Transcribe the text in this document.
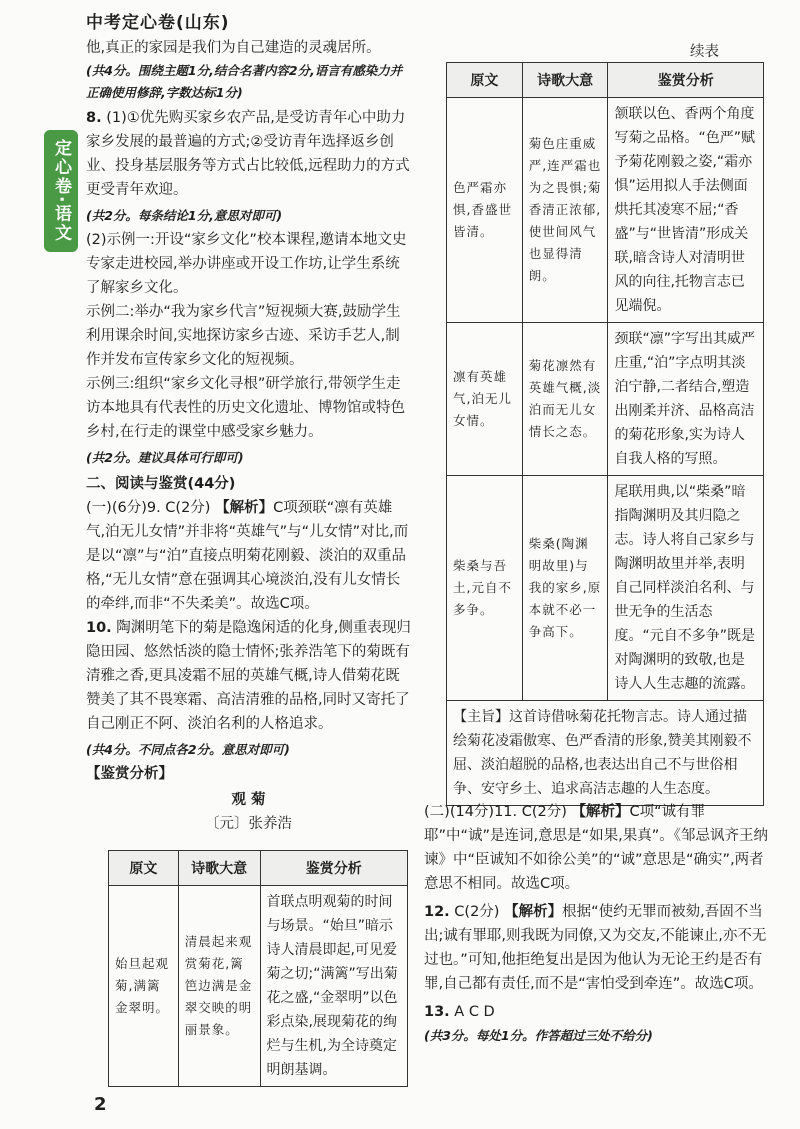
中考定心卷(山东)
定心卷·语文

他,真正的家园是我们为自己建造的灵魂居所。

(共4分。围绕主题1分,结合名著内容2分,语言有感染力并正确使用修辞,字数达标1分)

8. (1)①优先购买家乡农产品,是受访青年心中助力家乡发展的最普遍的方式;②受访青年选择返乡创业、投身基层服务等方式占比较低,远程助力的方式更受青年欢迎。

(共2分。每条结论1分,意思对即可)

(2)示例一:开设“家乡文化”校本课程,邀请本地文史专家走进校园,举办讲座或开设工作坊,让学生系统了解家乡文化。

示例二:举办“我为家乡代言”短视频大赛,鼓励学生利用课余时间,实地探访家乡古迹、采访手艺人,制作并发布宣传家乡文化的短视频。

示例三:组织“家乡文化寻根”研学旅行,带领学生走访本地具有代表性的历史文化遗址、博物馆或特色乡村,在行走的课堂中感受家乡魅力。

(共2分。建议具体可行即可)

二、阅读与鉴赏(44分)

(一)(6分)9. C(2分) 【解析】C项颈联“凛有英雄气,泊无儿女情”并非将“英雄气”与“儿女情”对比,而是以“凛”与“泊”直接点明菊花刚毅、淡泊的双重品格,“无儿女情”意在强调其心境淡泊,没有儿女情长的牵绊,而非“不失柔美”。故选C项。

10. 陶渊明笔下的菊是隐逸闲适的化身,侧重表现归隐田园、悠然恬淡的隐士情怀;张养浩笔下的菊既有清雅之香,更具凌霜不屈的英雄气概,诗人借菊花既赞美了其不畏寒霜、高洁清雅的品格,同时又寄托了自己刚正不阿、淡泊名利的人格追求。

(共4分。不同点各2分。意思对即可)

【鉴赏分析】

观 菊

〔元〕张养浩

原文	诗歌大意	鉴赏分析
始旦起观菊,满篱金翠明。	清晨起来观赏菊花,篱笆边满是金翠交映的明丽景象。	首联点明观菊的时间与场景。“始旦”暗示诗人清晨即起,可见爱菊之切;“满篱”写出菊花之盛,“金翠明”以色彩点染,展现菊花的绚烂与生机,为全诗奠定明朗基调。
续表
原文	诗歌大意	鉴赏分析
色严霜亦惧,香盛世皆清。	菊色庄重威严,连严霜也为之畏惧;菊香清正浓郁,使世间风气也显得清朗。	颔联以色、香两个角度写菊之品格。“色严”赋予菊花刚毅之姿,“霜亦惧”运用拟人手法侧面烘托其凌寒不屈;“香盛”与“世皆清”形成关联,暗含诗人对清明世风的向往,托物言志已见端倪。
凛有英雄气,泊无儿女情。	菊花凛然有英雄气概,淡泊而无儿女情长之态。	颈联“凛”字写出其威严庄重,“泊”字点明其淡泊宁静,二者结合,塑造出刚柔并济、品格高洁的菊花形象,实为诗人自我人格的写照。
柴桑与吾土,元自不多争。	柴桑(陶渊明故里)与我的家乡,原本就不必一争高下。	尾联用典,以“柴桑”暗指陶渊明及其归隐之志。诗人将自己家乡与陶渊明故里并举,表明自己同样淡泊名利、与世无争的生活态度。“元自不多争”既是对陶渊明的致敬,也是诗人人生志趣的流露。
【主旨】这首诗借咏菊花托物言志。诗人通过描绘菊花凌霜傲寒、色严香清的形象,赞美其刚毅不屈、淡泊超脱的品格,也表达出自己不与世俗相争、安守乡土、追求高洁志趣的人生态度。

(二)(14分)11. C(2分) 【解析】C项“诚有罪耶”中“诚”是连词,意思是“如果,果真”。《邹忌讽齐王纳谏》中“臣诚知不如徐公美”的“诚”意思是“确实”,两者意思不相同。故选C项。

12. C(2分) 【解析】根据“使约无罪而被劾,吾固不当出;诚有罪耶,则我既为同僚,又为交友,不能谏止,亦不无过也。”可知,他拒绝复出是因为他认为无论王约是否有罪,自己都有责任,而不是“害怕受到牵连”。故选C项。

13. A C D

(共3分。每处1分。作答超过三处不给分)

2
